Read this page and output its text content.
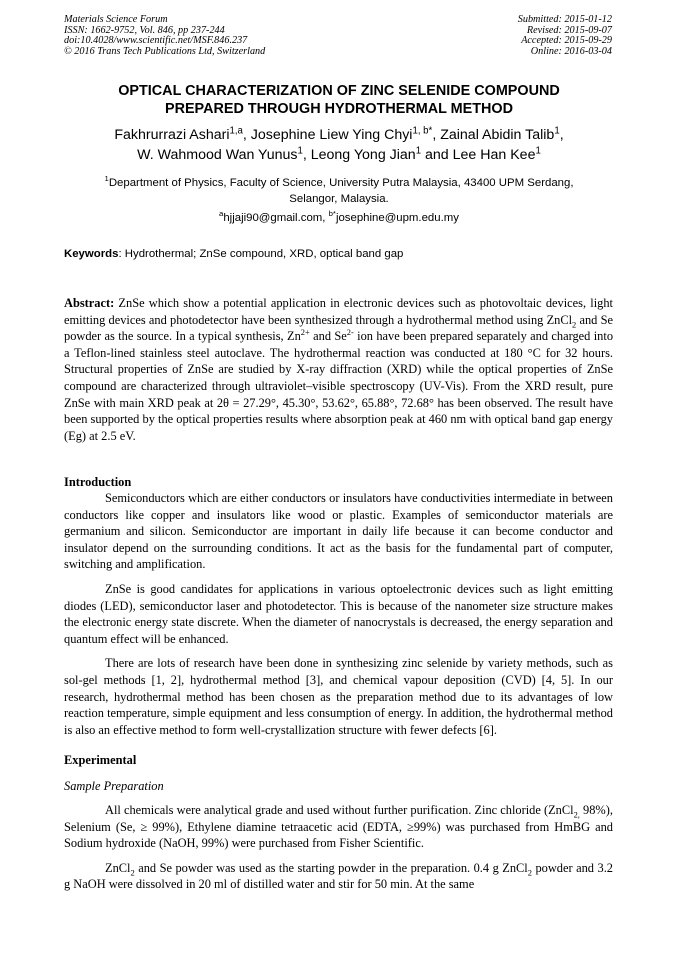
Materials Science Forum
ISSN: 1662-9752, Vol. 846, pp 237-244
doi:10.4028/www.scientific.net/MSF.846.237
© 2016 Trans Tech Publications Ltd, Switzerland
Submitted: 2015-01-12
Revised: 2015-09-07
Accepted: 2015-09-29
Online: 2016-03-04
OPTICAL CHARACTERIZATION OF ZINC SELENIDE COMPOUND
PREPARED THROUGH HYDROTHERMAL METHOD
Fakhrurrazi Ashari$^{1,a}$, Josephine Liew Ying Chyi$^{1, b*}$, Zainal Abidin Talib$^1$,
W. Wahmood Wan Yunus$^1$, Leong Yong Jian$^1$ and Lee Han Kee$^1$
$^1$Department of Physics, Faculty of Science, University Putra Malaysia, 43400 UPM Serdang,
Selangor, Malaysia.
$^a$hjjaji90@gmail.com, $^{b*}$josephine@upm.edu.my
Keywords: Hydrothermal; ZnSe compound, XRD, optical band gap

Abstract: ZnSe which show a potential application in electronic devices such as photovoltaic devices, light emitting devices and photodetector have been synthesized through a hydrothermal method using ZnCl$_2$ and Se powder as the source. In a typical synthesis, $Zn^{2+}$ and $Se^{2-}$ ion have been prepared separately and charged into a Teflon-lined stainless steel autoclave. The hydrothermal reaction was conducted at 180 °C for 32 hours. Structural properties of ZnSe are studied by X-ray diffraction (XRD) while the optical properties of ZnSe compound are characterized through ultraviolet–visible spectroscopy (UV-Vis). From the XRD result, pure ZnSe with main XRD peak at 2θ = 27.29°, 45.30°, 53.62°, 65.88°, 72.68° has been observed. The result have been supported by the optical properties results where absorption peak at 460 nm with optical band gap energy (Eg) at 2.5 eV.

Introduction

Semiconductors which are either conductors or insulators have conductivities intermediate in between conductors like copper and insulators like wood or plastic. Examples of semiconductor materials are germanium and silicon. Semiconductor are important in daily life because it can become conductor and insulator depend on the surrounding conditions. It act as the basis for the fundamental part of computer, switching and amplification.

ZnSe is good candidates for applications in various optoelectronic devices such as light emitting diodes (LED), semiconductor laser and photodetector. This is because of the nanometer size structure makes the electronic energy state discrete. When the diameter of nanocrystals is decreased, the energy separation and quantum effect will be enhanced.

There are lots of research have been done in synthesizing zinc selenide by variety methods, such as sol-gel methods [1, 2], hydrothermal method [3], and chemical vapour deposition (CVD) [4, 5]. In our research, hydrothermal method has been chosen as the preparation method due to its advantages of low reaction temperature, simple equipment and less consumption of energy. In addition, the hydrothermal method is also an effective method to form well-crystallization structure with fewer defects [6].

Experimental
Sample Preparation

All chemicals were analytical grade and used without further purification. Zinc chloride (ZnCl$_{2,}$ 98%), Selenium (Se, ≥ 99%), Ethylene diamine tetraacetic acid (EDTA, ≥99%) was purchased from HmBG and Sodium hydroxide (NaOH, 99%) were purchased from Fisher Scientific.

ZnCl$_2$ and Se powder was used as the starting powder in the preparation. 0.4 g ZnCl$_2$ powder and 3.2 g NaOH were dissolved in 20 ml of distilled water and stir for 50 min. At the same
